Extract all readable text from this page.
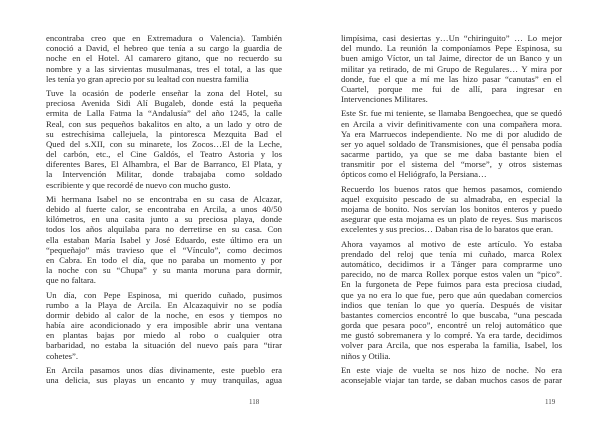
encontraba creo que en Extremadura o Valencia). También
conoció a David, el hebreo que tenía a su cargo la guardia de
noche en el Hotel. Al camarero gitano, que no recuerdo su
nombre y a las sirvientas musulmanas, tres el total, a las que
les tenía yo gran aprecio por su lealtad con nuestra familia
Tuve la ocasión de poderle enseñar la zona del Hotel, su
preciosa Avenida Sidi Alí Bugaleb, donde está la pequeña
ermita de Lalla Fatma la “Andalusía” del año 1245, la calle
Real, con sus pequeños bakalitos en alto, a un lado y otro de
su estrechísima callejuela, la pintoresca Mezquita Bad el
Qued del s.XII, con su minarete, los Zocos…El de la Leche,
del carbón, etc., el Cine Galdós, el Teatro Astoria y los
diferentes Bares, El Alhambra, el Bar de Barranco, El Plata, y
la Intervención Militar, donde trabajaba como soldado
escribiente y que recordé de nuevo con mucho gusto.
Mi hermana Isabel no se encontraba en su casa de Alcazar,
debido al fuerte calor, se encontraba en Arcila, a unos 40/50
kilómetros, en una casita junto a su preciosa playa, donde
todos los años alquilaba para no derretirse en su casa. Con
ella estaban María Isabel y José Eduardo, este último era un
“pequeñajo” más travieso que el “Vínculo”, como decimos
en Cabra. En todo el día, que no paraba un momento y por
la noche con su “Chupa” y su manta moruna para dormir,
que no faltara.
Un día, con Pepe Espinosa, mi querido cuñado, pusimos
rumbo a la Playa de Arcila. En Alcazaquivir no se podía
dormir debido al calor de la noche, en esos y tiempos no
había aire acondicionado y era imposible abrir una ventana
en plantas bajas por miedo al robo o cualquier otra
barbaridad, no estaba la situación del nuevo país para “tirar
cohetes”.
En Arcila pasamos unos días divinamente, este pueblo era
una delicia, sus playas un encanto y muy tranquilas, agua
118
limpísima, casi desiertas y…Un “chiringuito” … Lo mejor
del mundo. La reunión la componíamos Pepe Espinosa, su
buen amigo Víctor, un tal Jaime, director de un Banco y un
militar ya retirado, de mi Grupo de Regulares… Y mira por
donde, fue el que a mí me las hizo pasar “canutas” en el
Cuartel, porque me fui de allí, para ingresar en
Intervenciones Militares.
Este Sr. fue mi teniente, se llamaba Bengoechea, que se quedó
en Arcila a vivir definitivamente con una compañera mora.
Ya era Marruecos independiente. No me di por aludido de
ser yo aquel soldado de Transmisiones, que él pensaba podía
sacarme partido, ya que se me daba bastante bien el
transmitir por el sistema del “morse”, y otros sistemas
ópticos como el Heliógrafo, la Persiana…
Recuerdo los buenos ratos que hemos pasamos, comiendo
aquel exquisito pescado de su almadraba, en especial la
mojama de bonito. Nos servían los bonitos enteros y puedo
asegurar que esta mojama es un plato de reyes. Sus mariscos
excelentes y sus precios… Daban risa de lo baratos que eran.
Ahora vayamos al motivo de este artículo. Yo estaba
prendado del reloj que tenía mi cuñado, marca Rolex
automático, decidimos ir a Tánger para comprarme uno
parecido, no de marca Rollex porque estos valen un “pico”.
En la furgoneta de Pepe fuimos para esta preciosa ciudad,
que ya no era lo que fue, pero que aún quedaban comercios
indios que tenían lo que yo quería. Después de visitar
bastantes comercios encontré lo que buscaba, “una pescada
gorda que pesara poco”, encontré un reloj automático que
me gustó sobremanera y lo compré. Ya era tarde, decidimos
volver para Arcila, que nos esperaba la familia, Isabel, los
niños y Otilia.
En este viaje de vuelta se nos hizo de noche. No era
aconsejable viajar tan tarde, se daban muchos casos de parar
119
